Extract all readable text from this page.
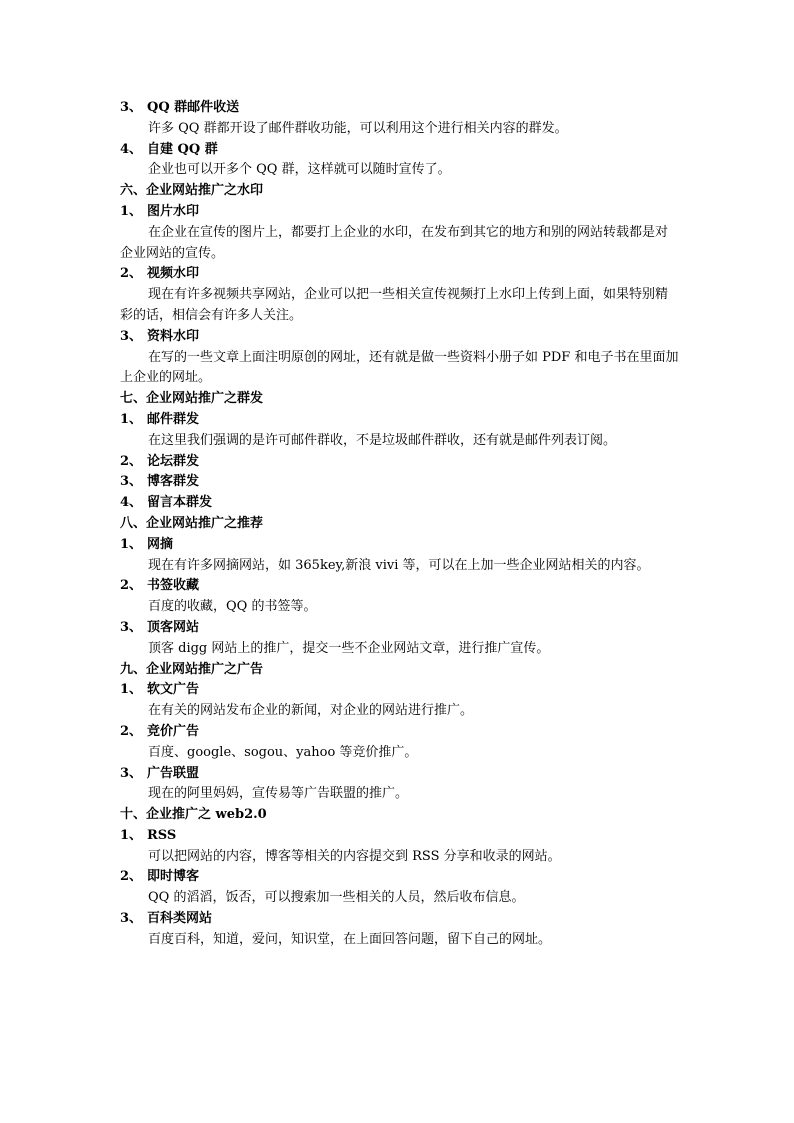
3、 QQ 群邮件收送
许多 QQ 群都开设了邮件群收功能，可以利用这个进行相关内容的群发。
4、 自建 QQ 群
企业也可以开多个 QQ 群，这样就可以随时宣传了。
六、企业网站推广之水印
1、 图片水印
在企业在宣传的图片上，都要打上企业的水印，在发布到其它的地方和别的网站转载都是对企业网站的宣传。
2、 视频水印
现在有许多视频共享网站，企业可以把一些相关宣传视频打上水印上传到上面，如果特别精彩的话，相信会有许多人关注。
3、 资料水印
在写的一些文章上面注明原创的网址，还有就是做一些资料小册子如 PDF 和电子书在里面加上企业的网址。
七、企业网站推广之群发
1、 邮件群发
在这里我们强调的是许可邮件群收，不是垃圾邮件群收，还有就是邮件列表订阅。
2、 论坛群发
3、 博客群发
4、 留言本群发
八、企业网站推广之推荐
1、 网摘
现在有许多网摘网站，如 365key,新浪 vivi 等，可以在上加一些企业网站相关的内容。
2、 书签收藏
百度的收藏，QQ 的书签等。
3、 顶客网站
顶客 digg 网站上的推广，提交一些不企业网站文章，进行推广宣传。
九、企业网站推广之广告
1、 软文广告
在有关的网站发布企业的新闻，对企业的网站进行推广。
2、 竞价广告
百度、google、sogou、yahoo 等竞价推广。
3、 广告联盟
现在的阿里妈妈，宣传易等广告联盟的推广。
十、企业推广之 web2.0
1、 RSS
可以把网站的内容，博客等相关的内容提交到 RSS 分享和收录的网站。
2、 即时博客
QQ 的滔滔，饭否，可以搜索加一些相关的人员，然后收布信息。
3、 百科类网站
百度百科，知道，爱问，知识堂，在上面回答问题，留下自己的网址。
